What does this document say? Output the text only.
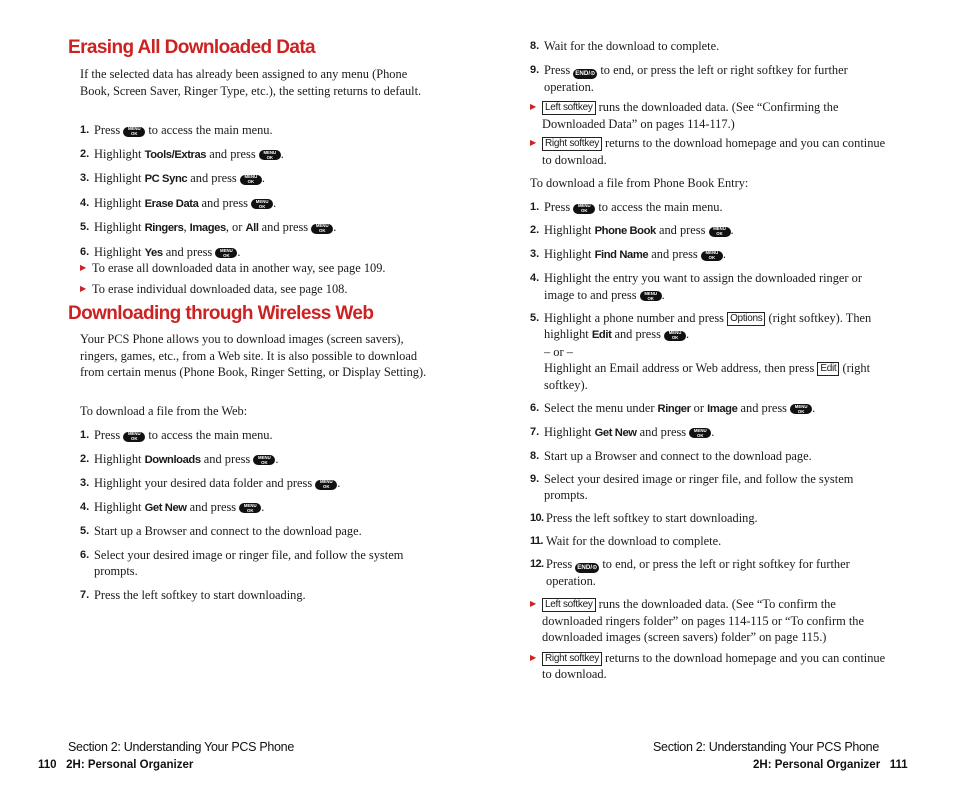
Erasing All Downloaded Data
If the selected data has already been assigned to any menu (Phone Book, Screen Saver, Ringer Type, etc.), the setting returns to default.
1. Press MENU
OK to access the main menu.
2. Highlight Tools/Extras and press MENU
OK .
3. Highlight PC Sync and press MENU
OK .
4. Highlight Erase Data and press MENU
OK .
5. Highlight Ringers, Images, or All and press MENU
OK .
6. Highlight Yes and press MENU
OK .
▶ To erase all downloaded data in another way, see page 109.
▶ To erase individual downloaded data, see page 108.
Downloading through Wireless Web
Your PCS Phone allows you to download images (screen savers), ringers, games, etc., from a Web site. It is also possible to download from certain menus (Phone Book, Ringer Setting, or Display Setting).
To download a file from the Web:
1. Press MENU
OK to access the main menu.
2. Highlight Downloads and press MENU
OK .
3. Highlight your desired data folder and press MENU
OK .
4. Highlight Get New and press MENU
OK .
5. Start up a Browser and connect to the download page.
6. Select your desired image or ringer file, and follow the system prompts.
7. Press the left softkey to start downloading.
Section 2: Understanding Your PCS Phone
110   2H: Personal Organizer
8. Wait for the download to complete.
9. Press END/⊙ to end, or press the left or right softkey for further operation.
▶ Left softkey runs the downloaded data. (See “Confirming the Downloaded Data” on pages 114-117.)
▶ Right softkey returns to the download homepage and you can continue to download.
To download a file from Phone Book Entry:
1. Press MENU
OK to access the main menu.
2. Highlight Phone Book and press MENU
OK .
3. Highlight Find Name and press MENU
OK .
4. Highlight the entry you want to assign the downloaded ringer or image to and press MENU
OK .
5. Highlight a phone number and press Options (right softkey). Then highlight Edit and press MENU
OK .
– or –
Highlight an Email address or Web address, then press Edit (right softkey).
6. Select the menu under Ringer or Image and press MENU
OK .
7. Highlight Get New and press MENU
OK .
8. Start up a Browser and connect to the download page.
9. Select your desired image or ringer file, and follow the system prompts.
10. Press the left softkey to start downloading.
11. Wait for the download to complete.
12. Press END/⊙ to end, or press the left or right softkey for further operation.
▶ Left softkey runs the downloaded data. (See “To confirm the downloaded ringers folder” on pages 114-115 or “To confirm the downloaded images (screen savers) folder” on page 115.)
▶ Right softkey returns to the download homepage and you can continue to download.
Section 2: Understanding Your PCS Phone
2H: Personal Organizer   111
